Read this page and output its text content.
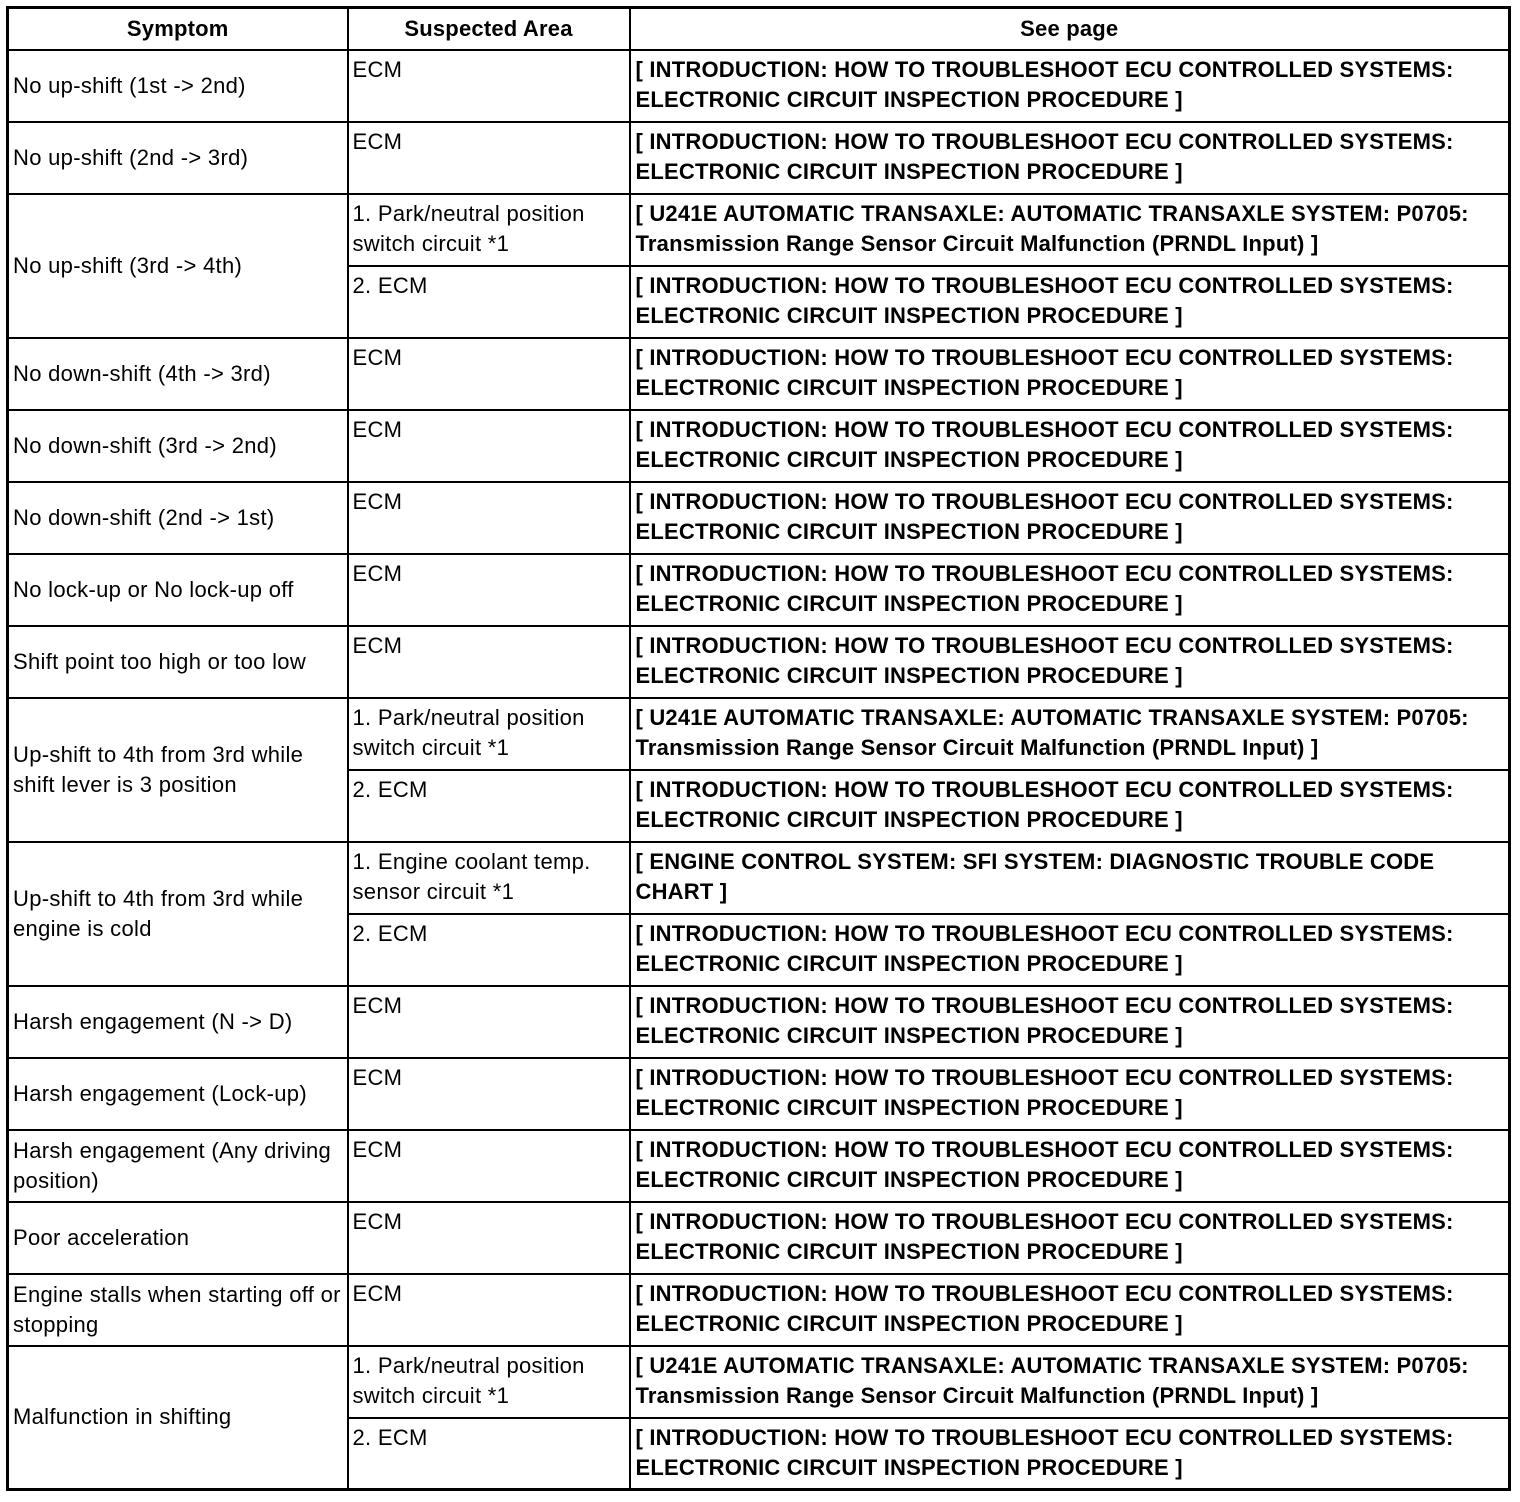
Symptom	Suspected Area	See page
No up-shift (1st -> 2nd)	ECM	[ INTRODUCTION: HOW TO TROUBLESHOOT ECU CONTROLLED SYSTEMS: ELECTRONIC CIRCUIT INSPECTION PROCEDURE ]
No up-shift (2nd -> 3rd)	ECM	[ INTRODUCTION: HOW TO TROUBLESHOOT ECU CONTROLLED SYSTEMS: ELECTRONIC CIRCUIT INSPECTION PROCEDURE ]
No up-shift (3rd -> 4th)	1. Park/neutral position switch circuit *1	[ U241E AUTOMATIC TRANSAXLE: AUTOMATIC TRANSAXLE SYSTEM: P0705: Transmission Range Sensor Circuit Malfunction (PRNDL Input) ]
	2. ECM	[ INTRODUCTION: HOW TO TROUBLESHOOT ECU CONTROLLED SYSTEMS: ELECTRONIC CIRCUIT INSPECTION PROCEDURE ]
No down-shift (4th -> 3rd)	ECM	[ INTRODUCTION: HOW TO TROUBLESHOOT ECU CONTROLLED SYSTEMS: ELECTRONIC CIRCUIT INSPECTION PROCEDURE ]
No down-shift (3rd -> 2nd)	ECM	[ INTRODUCTION: HOW TO TROUBLESHOOT ECU CONTROLLED SYSTEMS: ELECTRONIC CIRCUIT INSPECTION PROCEDURE ]
No down-shift (2nd -> 1st)	ECM	[ INTRODUCTION: HOW TO TROUBLESHOOT ECU CONTROLLED SYSTEMS: ELECTRONIC CIRCUIT INSPECTION PROCEDURE ]
No lock-up or No lock-up off	ECM	[ INTRODUCTION: HOW TO TROUBLESHOOT ECU CONTROLLED SYSTEMS: ELECTRONIC CIRCUIT INSPECTION PROCEDURE ]
Shift point too high or too low	ECM	[ INTRODUCTION: HOW TO TROUBLESHOOT ECU CONTROLLED SYSTEMS: ELECTRONIC CIRCUIT INSPECTION PROCEDURE ]
Up-shift to 4th from 3rd while shift lever is 3 position	1. Park/neutral position switch circuit *1	[ U241E AUTOMATIC TRANSAXLE: AUTOMATIC TRANSAXLE SYSTEM: P0705: Transmission Range Sensor Circuit Malfunction (PRNDL Input) ]
	2. ECM	[ INTRODUCTION: HOW TO TROUBLESHOOT ECU CONTROLLED SYSTEMS: ELECTRONIC CIRCUIT INSPECTION PROCEDURE ]
Up-shift to 4th from 3rd while engine is cold	1. Engine coolant temp. sensor circuit *1	[ ENGINE CONTROL SYSTEM: SFI SYSTEM: DIAGNOSTIC TROUBLE CODE CHART ]
	2. ECM	[ INTRODUCTION: HOW TO TROUBLESHOOT ECU CONTROLLED SYSTEMS: ELECTRONIC CIRCUIT INSPECTION PROCEDURE ]
Harsh engagement (N -> D)	ECM	[ INTRODUCTION: HOW TO TROUBLESHOOT ECU CONTROLLED SYSTEMS: ELECTRONIC CIRCUIT INSPECTION PROCEDURE ]
Harsh engagement (Lock-up)	ECM	[ INTRODUCTION: HOW TO TROUBLESHOOT ECU CONTROLLED SYSTEMS: ELECTRONIC CIRCUIT INSPECTION PROCEDURE ]
Harsh engagement (Any driving position)	ECM	[ INTRODUCTION: HOW TO TROUBLESHOOT ECU CONTROLLED SYSTEMS: ELECTRONIC CIRCUIT INSPECTION PROCEDURE ]
Poor acceleration	ECM	[ INTRODUCTION: HOW TO TROUBLESHOOT ECU CONTROLLED SYSTEMS: ELECTRONIC CIRCUIT INSPECTION PROCEDURE ]
Engine stalls when starting off or stopping	ECM	[ INTRODUCTION: HOW TO TROUBLESHOOT ECU CONTROLLED SYSTEMS: ELECTRONIC CIRCUIT INSPECTION PROCEDURE ]
Malfunction in shifting	1. Park/neutral position switch circuit *1	[ U241E AUTOMATIC TRANSAXLE: AUTOMATIC TRANSAXLE SYSTEM: P0705: Transmission Range Sensor Circuit Malfunction (PRNDL Input) ]
	2. ECM	[ INTRODUCTION: HOW TO TROUBLESHOOT ECU CONTROLLED SYSTEMS: ELECTRONIC CIRCUIT INSPECTION PROCEDURE ]
